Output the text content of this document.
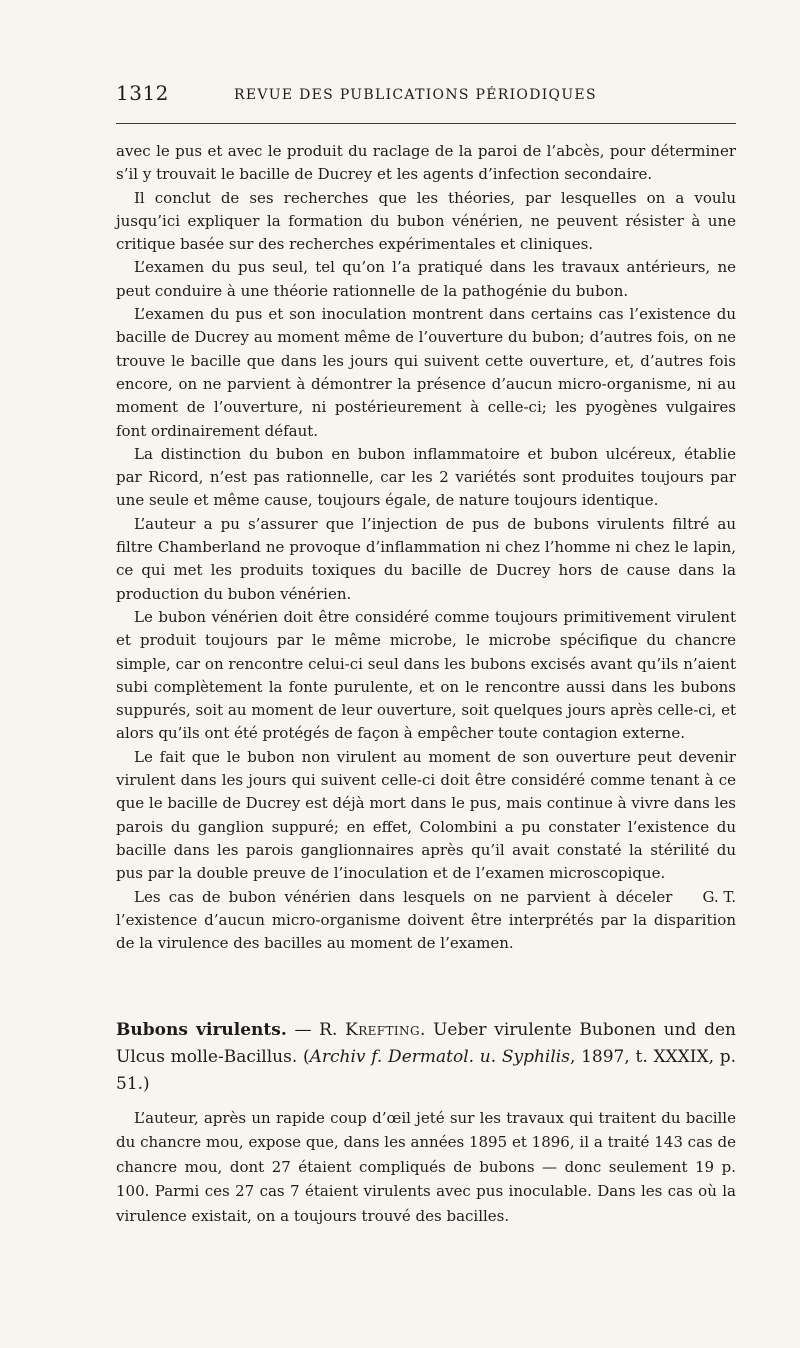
1312	REVUE DES PUBLICATIONS PÉRIODIQUES

avec le pus et avec le produit du raclage de la paroi de l’abcès, pour déterminer s’il y trouvait le bacille de Ducrey et les agents d’infection secondaire.

Il conclut de ses recherches que les théories, par lesquelles on a voulu jusqu’ici expliquer la formation du bubon vénérien, ne peuvent résister à une critique basée sur des recherches expérimentales et cliniques.

L’examen du pus seul, tel qu’on l’a pratiqué dans les travaux antérieurs, ne peut conduire à une théorie rationnelle de la pathogénie du bubon.

L’examen du pus et son inoculation montrent dans certains cas l’existence du bacille de Ducrey au moment même de l’ouverture du bubon; d’autres fois, on ne trouve le bacille que dans les jours qui suivent cette ouverture, et, d’autres fois encore, on ne parvient à démontrer la présence d’aucun micro-organisme, ni au moment de l’ouverture, ni postérieurement à celle-ci; les pyogènes vulgaires font ordinairement défaut.

La distinction du bubon en bubon inflammatoire et bubon ulcéreux, établie par Ricord, n’est pas rationnelle, car les 2 variétés sont produites toujours par une seule et même cause, toujours égale, de nature toujours identique.

L’auteur a pu s’assurer que l’injection de pus de bubons virulents filtré au filtre Chamberland ne provoque d’inflammation ni chez l’homme ni chez le lapin, ce qui met les produits toxiques du bacille de Ducrey hors de cause dans la production du bubon vénérien.

Le bubon vénérien doit être considéré comme toujours primitivement virulent et produit toujours par le même microbe, le microbe spécifique du chancre simple, car on rencontre celui-ci seul dans les bubons excisés avant qu’ils n’aient subi complètement la fonte purulente, et on le rencontre aussi dans les bubons suppurés, soit au moment de leur ouverture, soit quelques jours après celle-ci, et alors qu’ils ont été protégés de façon à empêcher toute contagion externe.

Le fait que le bubon non virulent au moment de son ouverture peut devenir virulent dans les jours qui suivent celle-ci doit être considéré comme tenant à ce que le bacille de Ducrey est déjà mort dans le pus, mais continue à vivre dans les parois du ganglion suppuré; en effet, Colombini a pu constater l’existence du bacille dans les parois ganglionnaires après qu’il avait constaté la stérilité du pus par la double preuve de l’inoculation et de l’examen microscopique.

G. T.
Les cas de bubon vénérien dans lesquels on ne parvient à déceler l’existence d’aucun micro-organisme doivent être interprétés par la disparition de la virulence des bacilles au moment de l’examen.

Bubons virulents. — R. Krefting. Ueber virulente Bubonen und den Ulcus molle-Bacillus. (Archiv f. Dermatol. u. Syphilis, 1897, t. XXXIX, p. 51.)

L’auteur, après un rapide coup d’œil jeté sur les travaux qui traitent du bacille du chancre mou, expose que, dans les années 1895 et 1896, il a traité 143 cas de chancre mou, dont 27 étaient compliqués de bubons — donc seulement 19 p. 100. Parmi ces 27 cas 7 étaient virulents avec pus inoculable. Dans les cas où la virulence existait, on a toujours trouvé des bacilles.
